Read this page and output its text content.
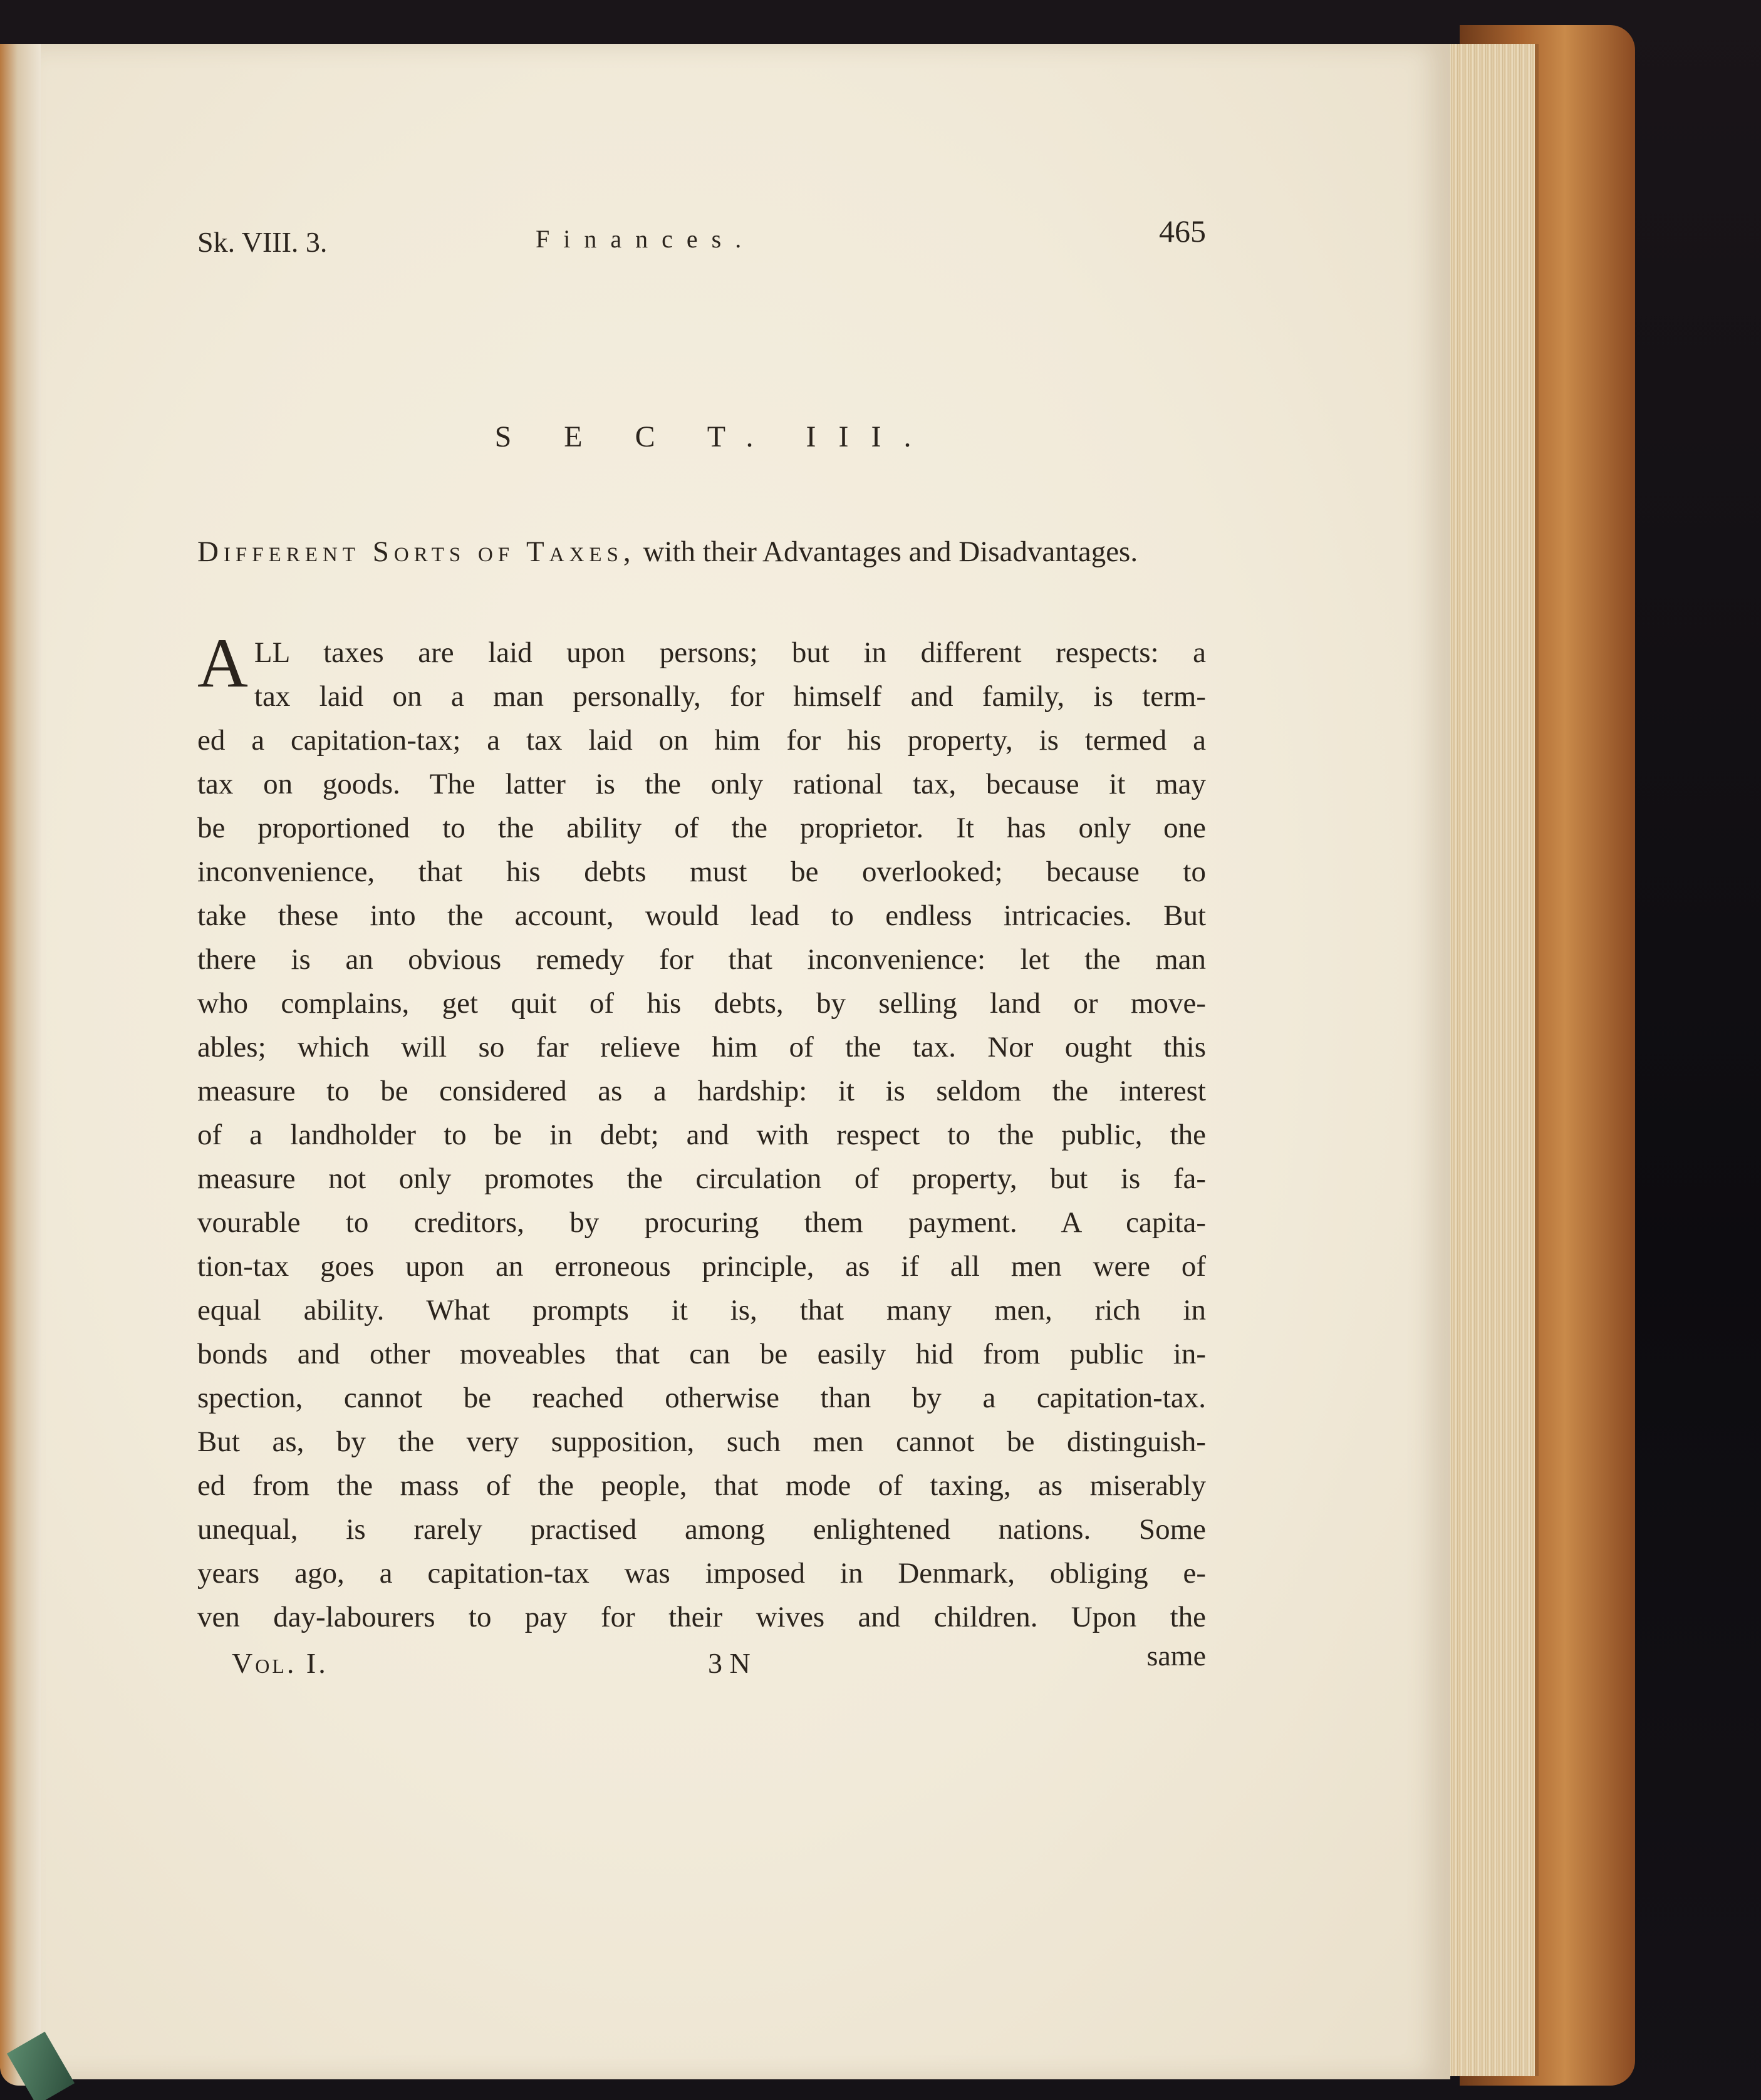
Sk. VIII. 3.	Finances.	465
S E C T. III.
Different Sorts of Taxes, with their Advantages and Disadvantages.
A LL taxes are laid upon persons; but in different respects: a
tax laid on a man personally, for himself and family, is term-
ed a capitation-tax; a tax laid on him for his property, is termed a
tax on goods. The latter is the only rational tax, because it may
be proportioned to the ability of the proprietor. It has only one
inconvenience, that his debts must be overlooked; because to
take these into the account, would lead to endless intricacies. But
there is an obvious remedy for that inconvenience: let the man
who complains, get quit of his debts, by selling land or move-
ables; which will so far relieve him of the tax. Nor ought this
measure to be considered as a hardship: it is seldom the interest
of a landholder to be in debt; and with respect to the public, the
measure not only promotes the circulation of property, but is fa-
vourable to creditors, by procuring them payment. A capita-
tion-tax goes upon an erroneous principle, as if all men were of
equal ability. What prompts it is, that many men, rich in
bonds and other moveables that can be easily hid from public in-
spection, cannot be reached otherwise than by a capitation-tax.
But as, by the very supposition, such men cannot be distinguish-
ed from the mass of the people, that mode of taxing, as miserably
unequal, is rarely practised among enlightened nations. Some
years ago, a capitation-tax was imposed in Denmark, obliging e-
ven day-labourers to pay for their wives and children. Upon the
Vol. I.	3 N	same
